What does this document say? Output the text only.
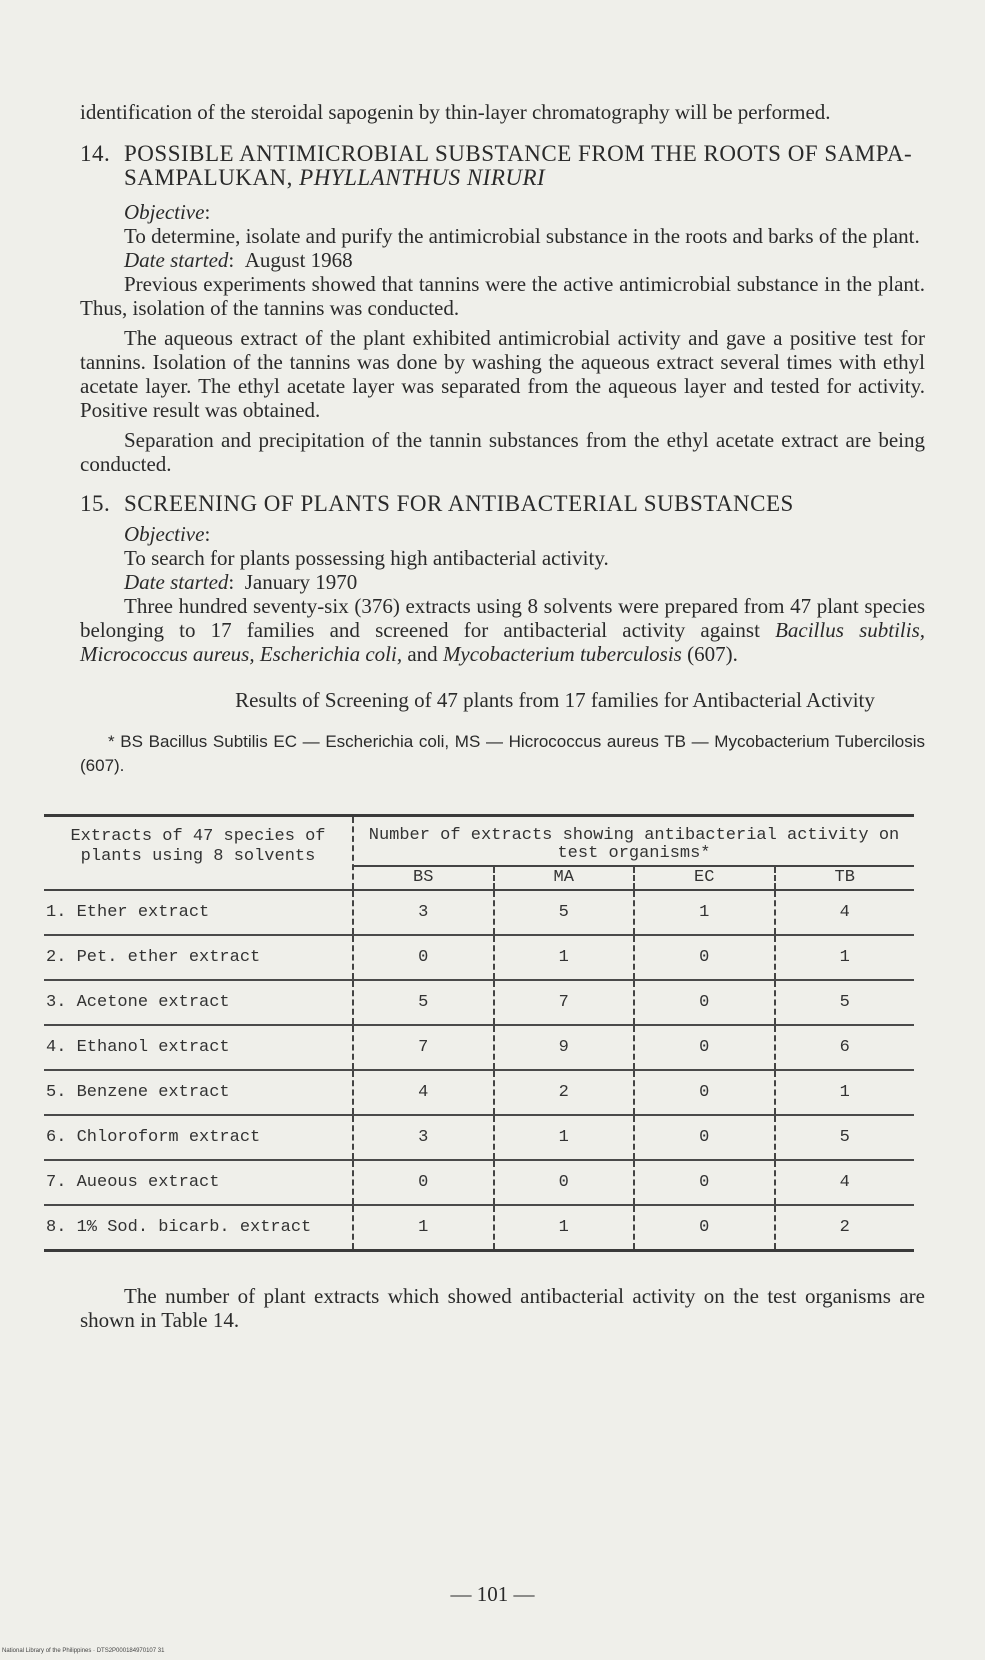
identification of the steroidal sapogenin by thin-layer chromatography will be performed.

14. POSSIBLE ANTIMICROBIAL SUBSTANCE FROM THE ROOTS OF SAMPA-SAMPALUKAN, PHYLLANTHUS NIRURI

Objective:

To determine, isolate and purify the antimicrobial substance in the roots and barks of the plant.

Date started:  August 1968

Previous experiments showed that tannins were the active antimicrobial substance in the plant. Thus, isolation of the tannins was conducted.

The aqueous extract of the plant exhibited antimicrobial activity and gave a positive test for tannins. Isolation of the tannins was done by washing the aqueous extract several times with ethyl acetate layer. The ethyl acetate layer was separated from the aqueous layer and tested for activity. Positive result was obtained.

Separation and precipitation of the tannin substances from the ethyl acetate extract are being conducted.

15. SCREENING OF PLANTS FOR ANTIBACTERIAL SUBSTANCES

Objective:

To search for plants possessing high antibacterial activity.

Date started:  January 1970

Three hundred seventy-six (376) extracts using 8 solvents were prepared from 47 plant species belonging to 17 families and screened for antibacterial activity against Bacillus subtilis, Micrococcus aureus, Escherichia coli, and Mycobacterium tuberculosis (607).

Results of Screening of 47 plants from 17 families for Antibacterial Activity

* BS Bacillus Subtilis EC — Escherichia coli, MS — Hicrococcus aureus TB — Mycobacterium Tubercilosis (607).

Extracts of 47 species of plants using 8 solvents
Number of extracts showing antibacterial activity on test organisms*
BS	MA	EC	TB
1. Ether extract	3	5	1	4
2. Pet. ether extract	0	1	0	1
3. Acetone extract	5	7	0	5
4. Ethanol extract	7	9	0	6
5. Benzene extract	4	2	0	1
6. Chloroform extract	3	1	0	5
7. Aueous extract	0	0	0	4
8. 1% Sod. bicarb. extract	1	1	0	2

The number of plant extracts which showed antibacterial activity on the test organisms are shown in Table 14.

— 101 —
National Library of the Philippines · DTS2P000184970107 31
